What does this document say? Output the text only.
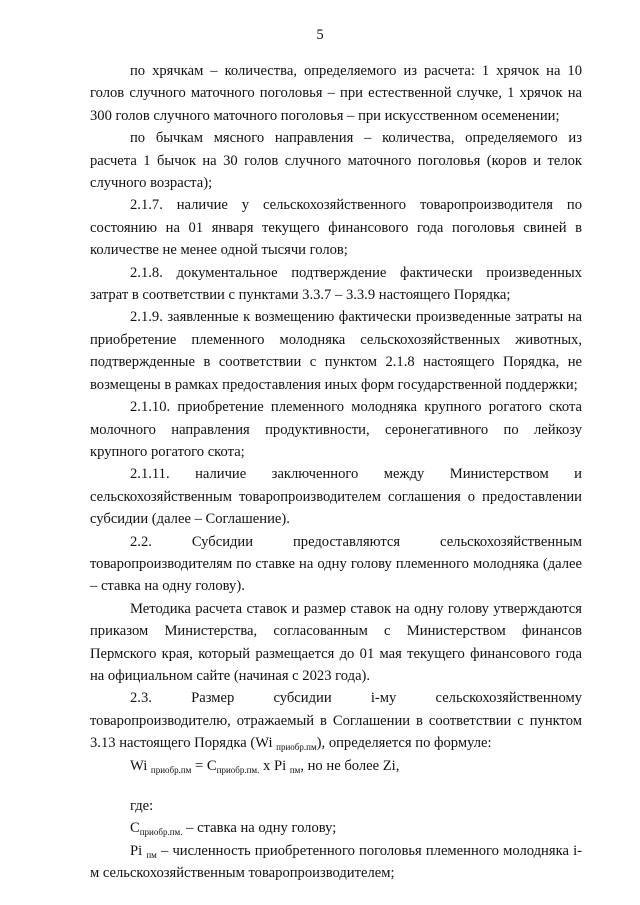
5

по хрячкам – количества, определяемого из расчета: 1 хрячок на 10 голов случного маточного поголовья – при естественной случке, 1 хрячок на 300 голов случного маточного поголовья – при искусственном осеменении;

по бычкам мясного направления – количества, определяемого из расчета 1 бычок на 30 голов случного маточного поголовья (коров и телок случного возраста);

2.1.7. наличие у сельскохозяйственного товаропроизводителя по состоянию на 01 января текущего финансового года поголовья свиней в количестве не менее одной тысячи голов;

2.1.8. документальное подтверждение фактически произведенных затрат в соответствии с пунктами 3.3.7 – 3.3.9 настоящего Порядка;

2.1.9. заявленные к возмещению фактически произведенные затраты на приобретение племенного молодняка сельскохозяйственных животных, подтвержденные в соответствии с пунктом 2.1.8 настоящего Порядка, не возмещены в рамках предоставления иных форм государственной поддержки;

2.1.10. приобретение племенного молодняка крупного рогатого скота молочного направления продуктивности, серонегативного по лейкозу крупного рогатого скота;

2.1.11. наличие заключенного между Министерством и сельскохозяйственным товаропроизводителем соглашения о предоставлении субсидии (далее – Соглашение).

2.2. Субсидии предоставляются сельскохозяйственным товаропроизводителям по ставке на одну голову племенного молодняка (далее – ставка на одну голову).

Методика расчета ставок и размер ставок на одну голову утверждаются приказом Министерства, согласованным с Министерством финансов Пермского края, который размещается до 01 мая текущего финансового года на официальном сайте (начиная с 2023 года).

2.3. Размер субсидии i-му сельскохозяйственному товаропроизводителю, отражаемый в Соглашении в соответствии с пунктом 3.13 настоящего Порядка (Wi $_{приобр.пм}$), определяется по формуле:

Wi $_{приобр.пм} = С_{приобр.пм.}$ х Pi $_{пм}$, но не более Zi,

где:

$С_{приобр.пм.}$ – ставка на одну голову;

Pi $_{пм}$ – численность приобретенного поголовья племенного молодняка i-м сельскохозяйственным товаропроизводителем;
